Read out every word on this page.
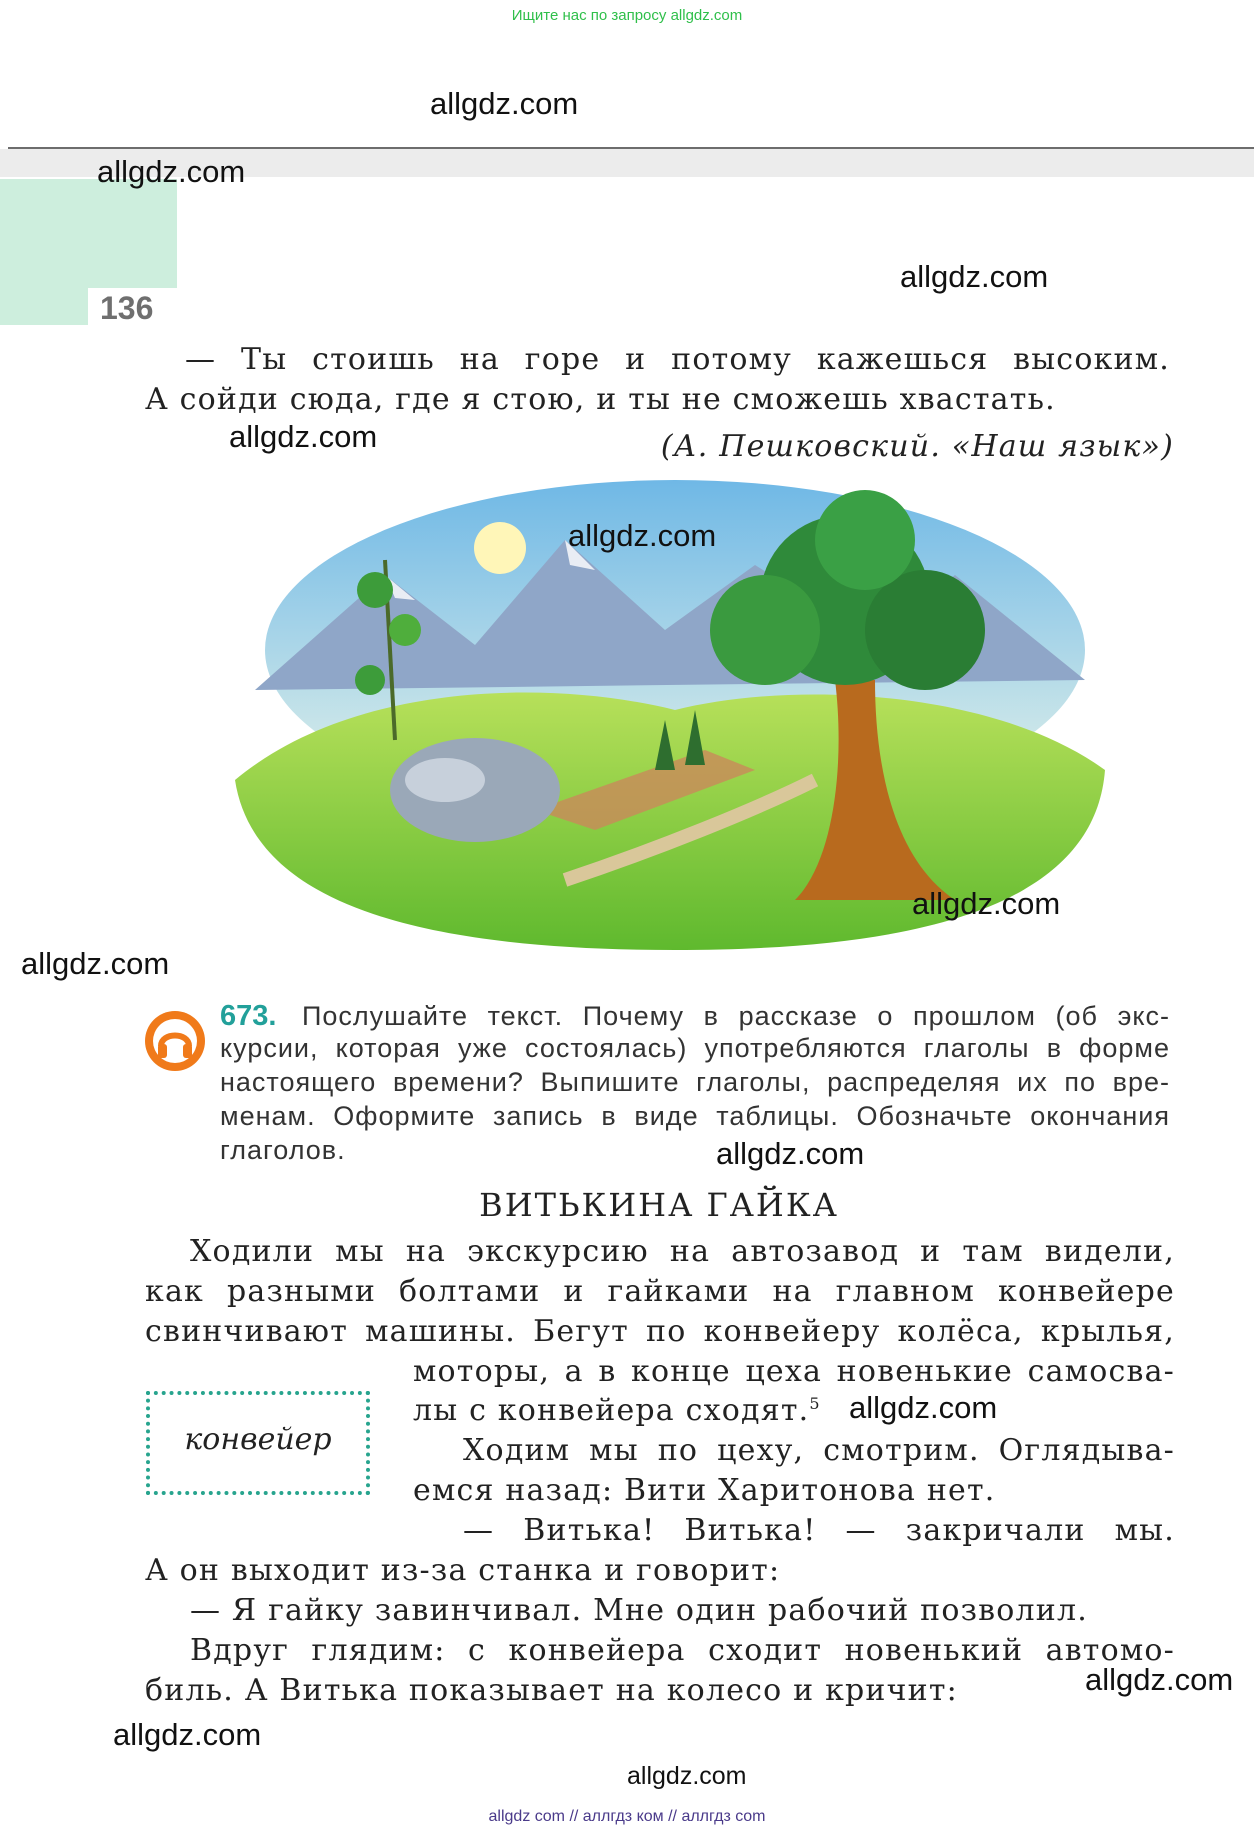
Ищите нас по запросу allgdz.com
allgdz.com
allgdz.com
136
allgdz.com
— Ты стоишь на горе и потому кажешься высоким.
А сойди сюда, где я стою, и ты не сможешь хвастать.
allgdz.com	(А. Пешковский. «Наш язык»)
allgdz.com
allgdz.com
allgdz.com
673. Послушайте текст. Почему в рассказе о прошлом (об экс-
курсии, которая уже состоялась) употребляются глаголы в форме
настоящего времени? Выпишите глаголы, распределяя их по вре-
менам. Оформите запись в виде таблицы. Обозначьте окончания
глаголов.	allgdz.com
ВИТЬКИНА ГАЙКА
Ходили мы на экскурсию на автозавод и там видели,
как разными болтами и гайками на главном конвейере
свинчивают машины. Бегут по конвейеру колёса, крылья,
моторы, а в конце цеха новенькие самосва-
лы с конвейера сходят.$^5$ allgdz.com
конвейер	Ходим мы по цеху, смотрим. Оглядыва-
емся назад: Вити Харитонова нет.
— Витька! Витька! — закричали мы.
А он выходит из-за станка и говорит:
— Я гайку завинчивал. Мне один рабочий позволил.
Вдруг глядим: с конвейера сходит новенький автомо-
биль. А Витька показывает на колесо и кричит:	allgdz.com
allgdz.com
allgdz.com
allgdz com // аллгдз ком // аллгдз com
